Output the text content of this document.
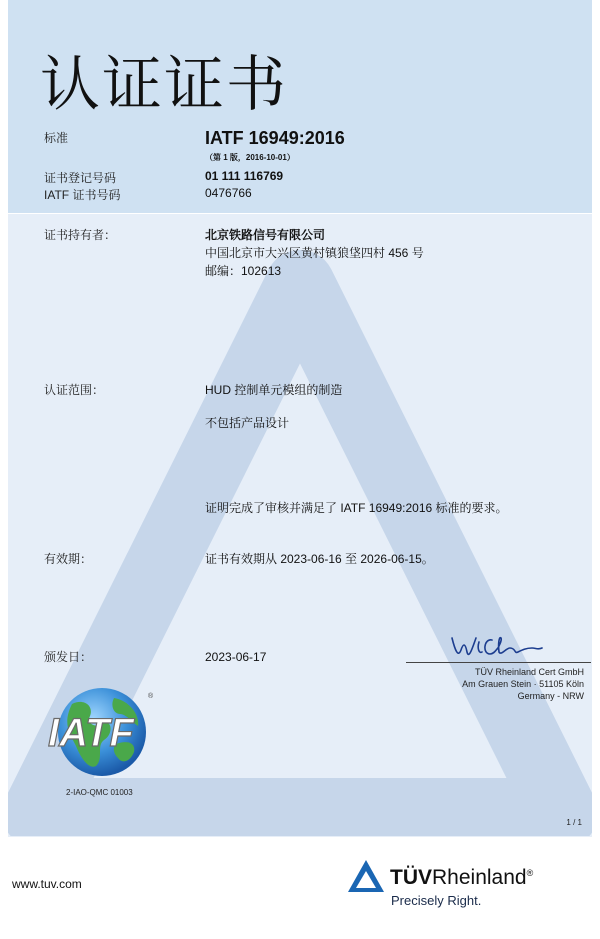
认证证书
标准	IATF 16949:2016
（第 1 版，2016-10-01）
证书登记号码	01 111 116769
IATF 证书号码	0476766
证书持有者：	北京铁路信号有限公司
中国北京市大兴区黄村镇狼垡四村 456 号
邮编：102613
认证范围：	HUD 控制单元模组的制造
不包括产品设计
证明完成了审核并满足了 IATF 16949:2016 标准的要求。
有效期：	证书有效期从 2023-06-16 至 2026-06-15。
颁发日：	2023-06-17
TÜV Rheinland Cert GmbH
Am Grauen Stein · 51105 Köln
Germany - NRW
IATF
®
2-IAO-QMC 01003
1 / 1
www.tuv.com	TÜVRheinland®
Precisely Right.
